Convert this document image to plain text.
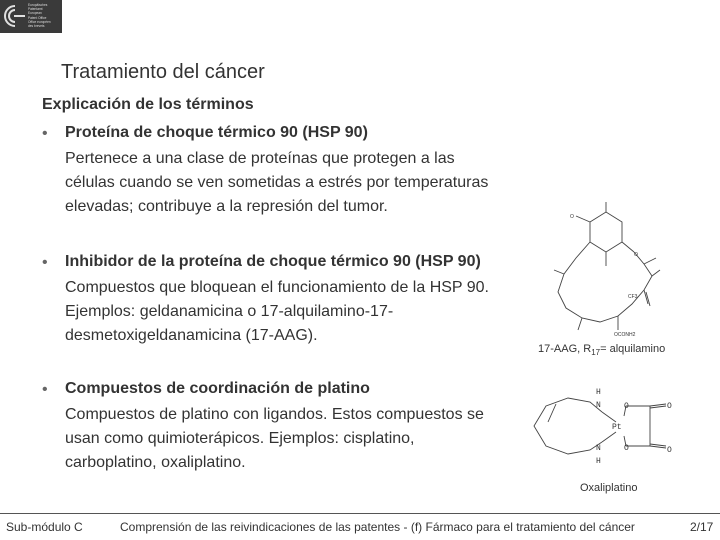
Europäisches
Patentamt
European
Patent Office
Office européen
des brevets
Tratamiento del cáncer
Explicación de los términos
• Proteína de choque térmico 90 (HSP 90)
Pertenece a una clase de proteínas que protegen a las
células cuando se ven sometidas a estrés por temperaturas
elevadas; contribuye a la represión del tumor.
• Inhibidor de la proteína de choque térmico 90 (HSP 90)
Compuestos que bloquean el funcionamiento de la HSP 90.
Ejemplos: geldanamicina o 17-alquilamino-17-
desmetoxigeldanamicina (17-AAG).
• Compuestos de coordinación de platino
Compuestos de platino con ligandos. Estos compuestos se
usan como quimioterápicos. Ejemplos: cisplatino,
carboplatino, oxaliplatino.
CF3
OCONH2
O
O
17-AAG, $R_{17}=$ alquilamino
H
N
N
H
Pt
O
O
O
O
Oxaliplatino
Sub-módulo C	Comprensión de las reivindicaciones de las patentes - (f) Fármaco para el tratamiento del cáncer	2/17
